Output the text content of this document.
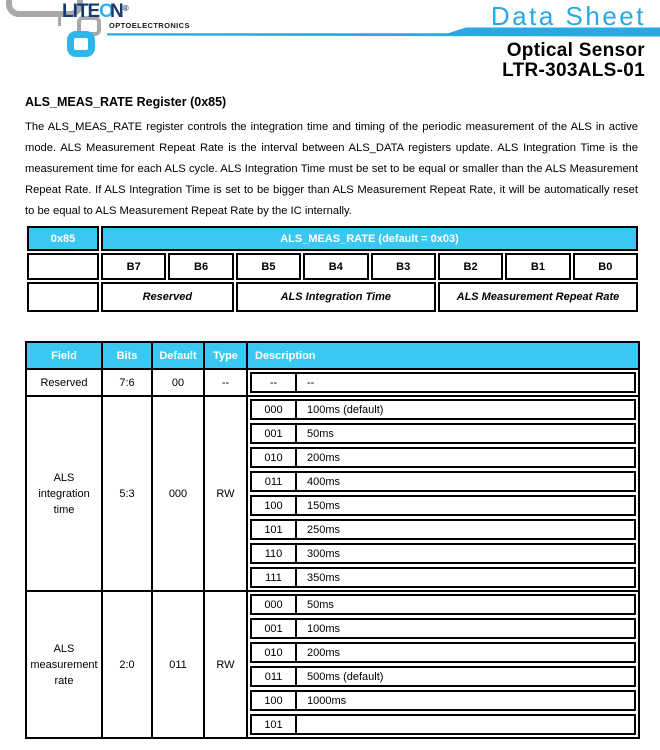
LITEON®
OPTOELECTRONICS	Data Sheet
Optical Sensor
LTR-303ALS-01
ALS_MEAS_RATE Register (0x85)

The ALS_MEAS_RATE register controls the integration time and timing of the periodic measurement of the ALS in active mode. ALS Measurement Repeat Rate is the interval between ALS_DATA registers update. ALS Integration Time is the measurement time for each ALS cycle. ALS Integration Time must be set to be equal or smaller than the ALS Measurement Repeat Rate. If ALS Integration Time is set to be bigger than ALS Measurement Repeat Rate, it will be automatically reset to be equal to ALS Measurement Repeat Rate by the IC internally.

0x85	ALS_MEAS_RATE (default = 0x03)							
	B7	B6	B5	B4	B3	B2	B1	B0
	Reserved		ALS Integration Time			ALS Measurement Repeat Rate		
Field	Bits	Default	Type	Description
Reserved	7:6	00	--	-- --

ALS integration time	5:3	000	RW	
000	100ms (default)
001	50ms
010	200ms
011	400ms
100	150ms
101	250ms
110	300ms
111	350ms

ALS measurement rate	2:0	011	RW	
000	50ms
001	100ms
010	200ms
011	500ms (default)
100	1000ms
101
